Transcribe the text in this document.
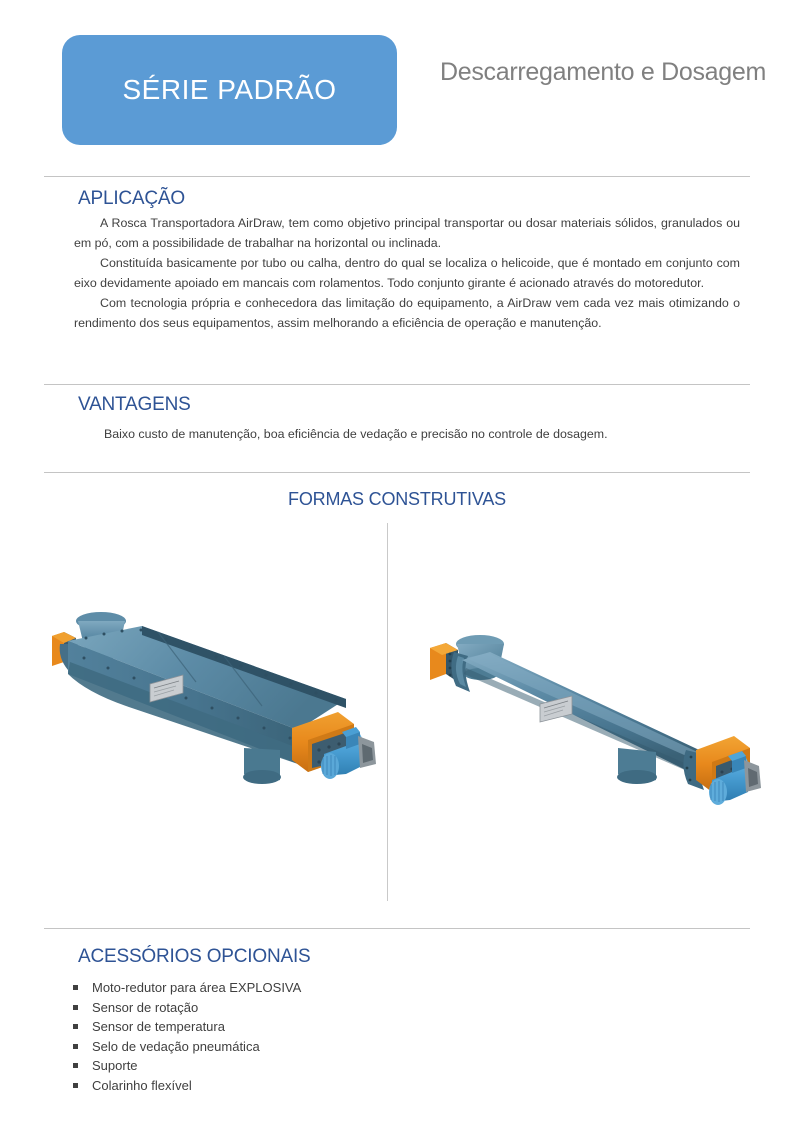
SÉRIE PADRÃO
Descarregamento e Dosagem
APLICAÇÃO

A Rosca Transportadora AirDraw, tem como objetivo principal transportar ou dosar materiais sólidos, granulados ou em pó, com a possibilidade de trabalhar na horizontal ou inclinada.

Constituída basicamente por tubo ou calha, dentro do qual se localiza o helicoide, que é montado em conjunto com eixo devidamente apoiado em mancais com rolamentos. Todo conjunto girante é acionado através do motoredutor.

Com tecnologia própria e conhecedora das limitação do equipamento, a AirDraw vem cada vez mais otimizando o rendimento dos seus equipamentos, assim melhorando a eficiência de operação e manutenção.

VANTAGENS

Baixo custo de manutenção, boa eficiência de vedação e precisão no controle de dosagem.

FORMAS CONSTRUTIVAS
ACESSÓRIOS OPCIONAIS
Moto-redutor para área EXPLOSIVA
Sensor de rotação
Sensor de temperatura
Selo de vedação pneumática
Suporte
Colarinho flexível
